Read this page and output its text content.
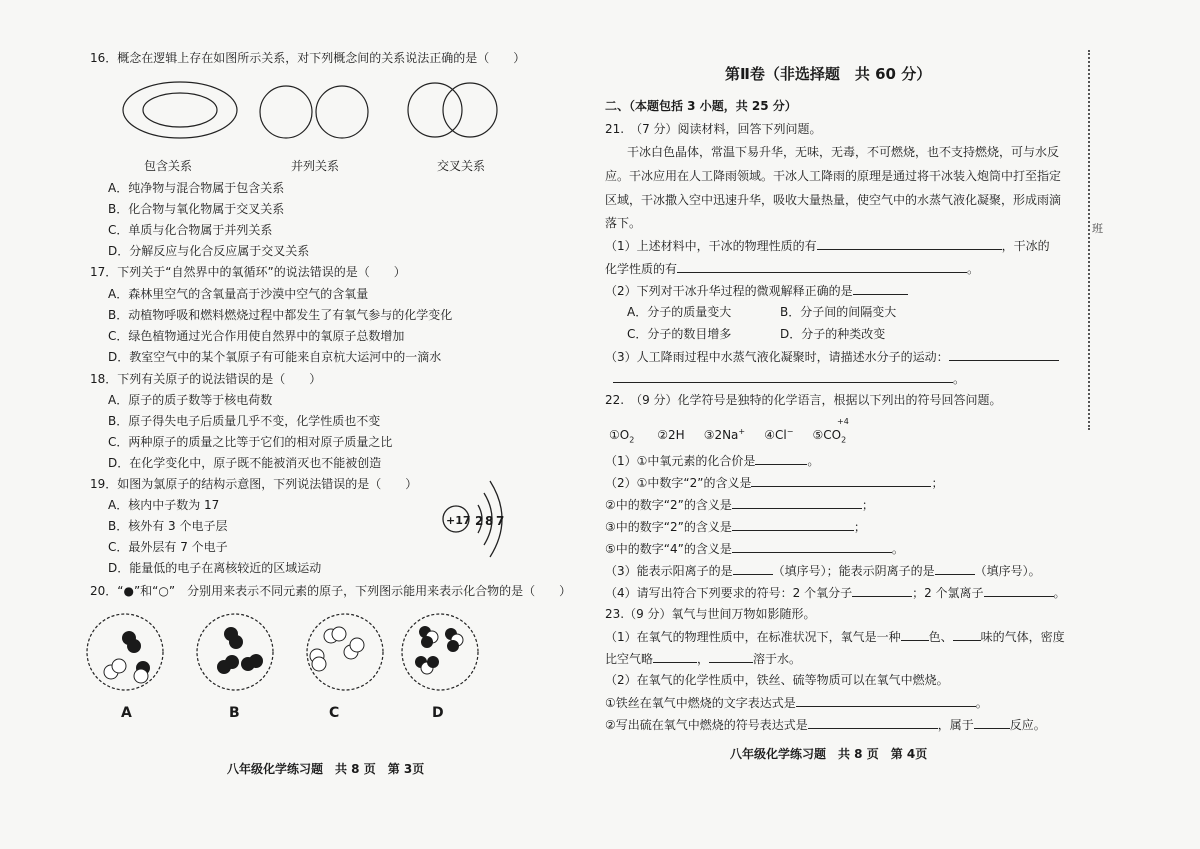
16．概念在逻辑上存在如图所示关系，对下列概念间的关系说法正确的是（　　）
包含关系	并列关系	交叉关系
A．纯净物与混合物属于包含关系
B．化合物与氧化物属于交叉关系
C．单质与化合物属于并列关系
D．分解反应与化合反应属于交叉关系
17．下列关于“自然界中的氧循环”的说法错误的是（　　）
A．森林里空气的含氧量高于沙漠中空气的含氧量
B．动植物呼吸和燃料燃烧过程中都发生了有氧气参与的化学变化
C．绿色植物通过光合作用使自然界中的氧原子总数增加
D．教室空气中的某个氧原子有可能来自京杭大运河中的一滴水
18．下列有关原子的说法错误的是（　　）
A．原子的质子数等于核电荷数
B．原子得失电子后质量几乎不变，化学性质也不变
C．两种原子的质量之比等于它们的相对原子质量之比
D．在化学变化中，原子既不能被消灭也不能被创造
19．如图为氯原子的结构示意图，下列说法错误的是（　　）
A．核内中子数为 17
B．核外有 3 个电子层
C．最外层有 7 个电子
D．能量低的电子在离核较近的区域运动
+17 2 8 7
20．“●”和“○”　分别用来表示不同元素的原子，下列图示能用来表示化合物的是（　　）
A	B	C	D
八年级化学练习题　共 8 页　第 3页
第Ⅱ卷（非选择题　共 60 分）
二、（本题包括 3 小题，共 25 分）
21.　（7 分）阅读材料，回答下列问题。
干冰白色晶体，常温下易升华，无味，无毒，不可燃烧，也不支持燃烧，可与水反
应。干冰应用在人工降雨领域。干冰人工降雨的原理是通过将干冰装入炮筒中打至指定
区域，干冰撒入空中迅速升华，吸收大量热量，使空气中的水蒸气液化凝聚，形成雨滴
落下。
（1）上述材料中，干冰的物理性质的有	，干冰的
化学性质的有	。
（2）下列对干冰升华过程的微观解释正确的是
A．分子的质量变大	B．分子间的间隔变大
C．分子的数目增多	D．分子的种类改变
（3）人工降雨过程中水蒸气液化凝聚时，请描述水分子的运动：
。
22.　（9 分）化学符号是独特的化学语言，根据以下列出的符号回答问题。
$①O_2$ ②2H ③2Na+ ④Cl− $⑤CO_2$
+4
（1）①中氧元素的化合价是	。
（2）①中数字“2”的含义是	；
②中的数字“2”的含义是	；
③中的数字“2”的含义是	；
⑤中的数字“4”的含义是	。
（3）能表示阳离子的是	（填序号）；能表示阴离子的是	（填序号）。
（4）请写出符合下列要求的符号：2 个氧分子	；2 个氯离子	。
23.（9 分）氧气与世间万物如影随形。
（1）在氧气的物理性质中，在标准状况下，氧气是一种 色、 味的气体，密度
比空气略	，	溶于水。
（2）在氧气的化学性质中，铁丝、硫等物质可以在氧气中燃烧。
①铁丝在氧气中燃烧的文字表达式是	。
②写出硫在氧气中燃烧的符号表达式是	，属于	反应。
八年级化学练习题　共 8 页　第 4页
班
